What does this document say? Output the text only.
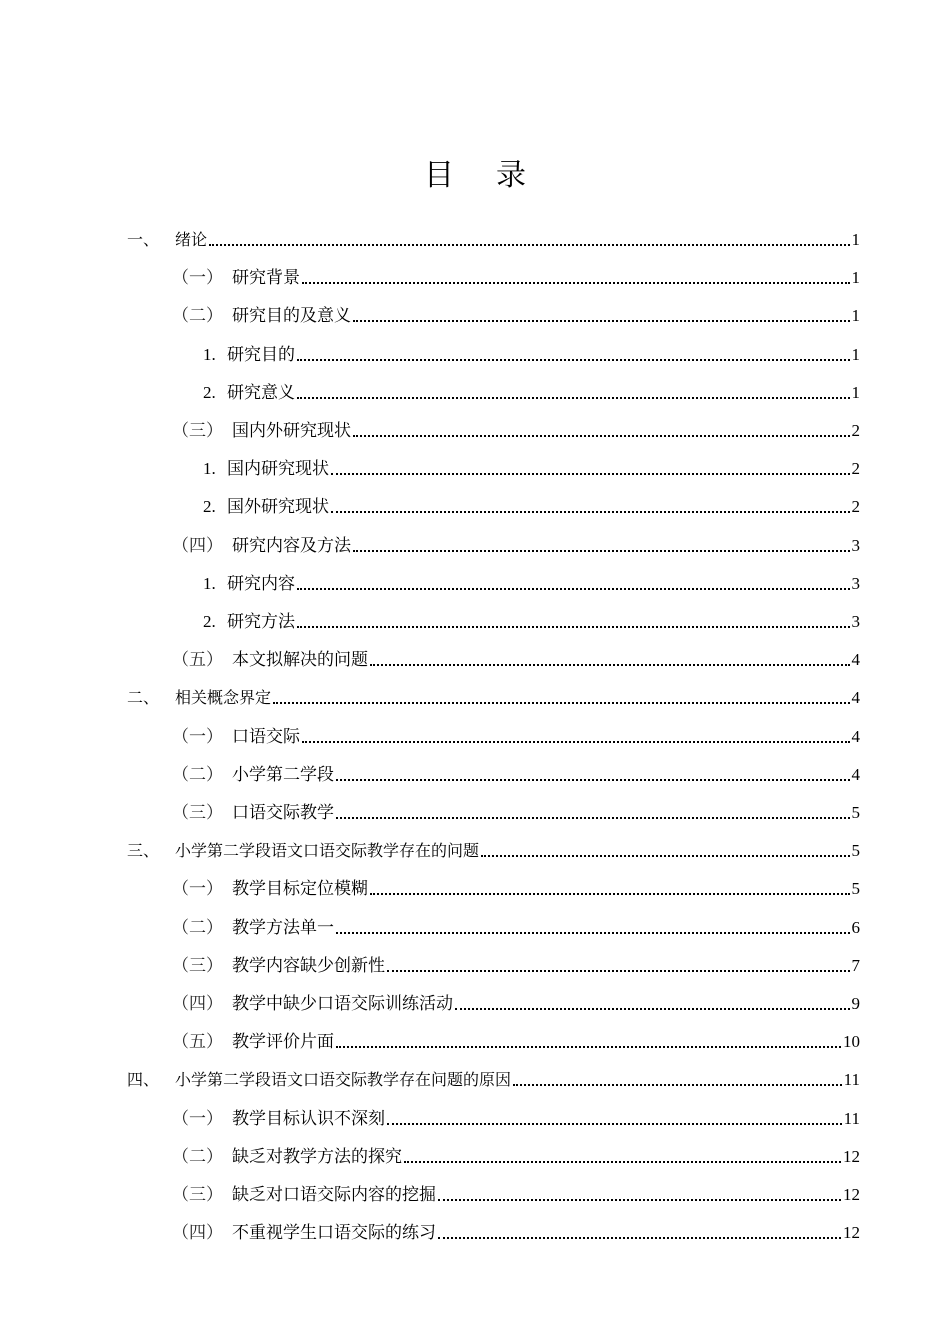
目 录
一、 绪论	1
（一） 研究背景	1
（二） 研究目的及意义	1
1. 研究目的	1
2. 研究意义	1
（三） 国内外研究现状	2
1. 国内研究现状	2
2. 国外研究现状	2
（四） 研究内容及方法	3
1. 研究内容	3
2. 研究方法	3
（五） 本文拟解决的问题	4
二、 相关概念界定	4
（一） 口语交际	4
（二） 小学第二学段	4
（三） 口语交际教学	5
三、 小学第二学段语文口语交际教学存在的问题	5
（一） 教学目标定位模糊	5
（二） 教学方法单一	6
（三） 教学内容缺少创新性	7
（四） 教学中缺少口语交际训练活动	9
（五） 教学评价片面	10
四、 小学第二学段语文口语交际教学存在问题的原因	11
（一） 教学目标认识不深刻	11
（二） 缺乏对教学方法的探究	12
（三） 缺乏对口语交际内容的挖掘	12
（四） 不重视学生口语交际的练习	12
